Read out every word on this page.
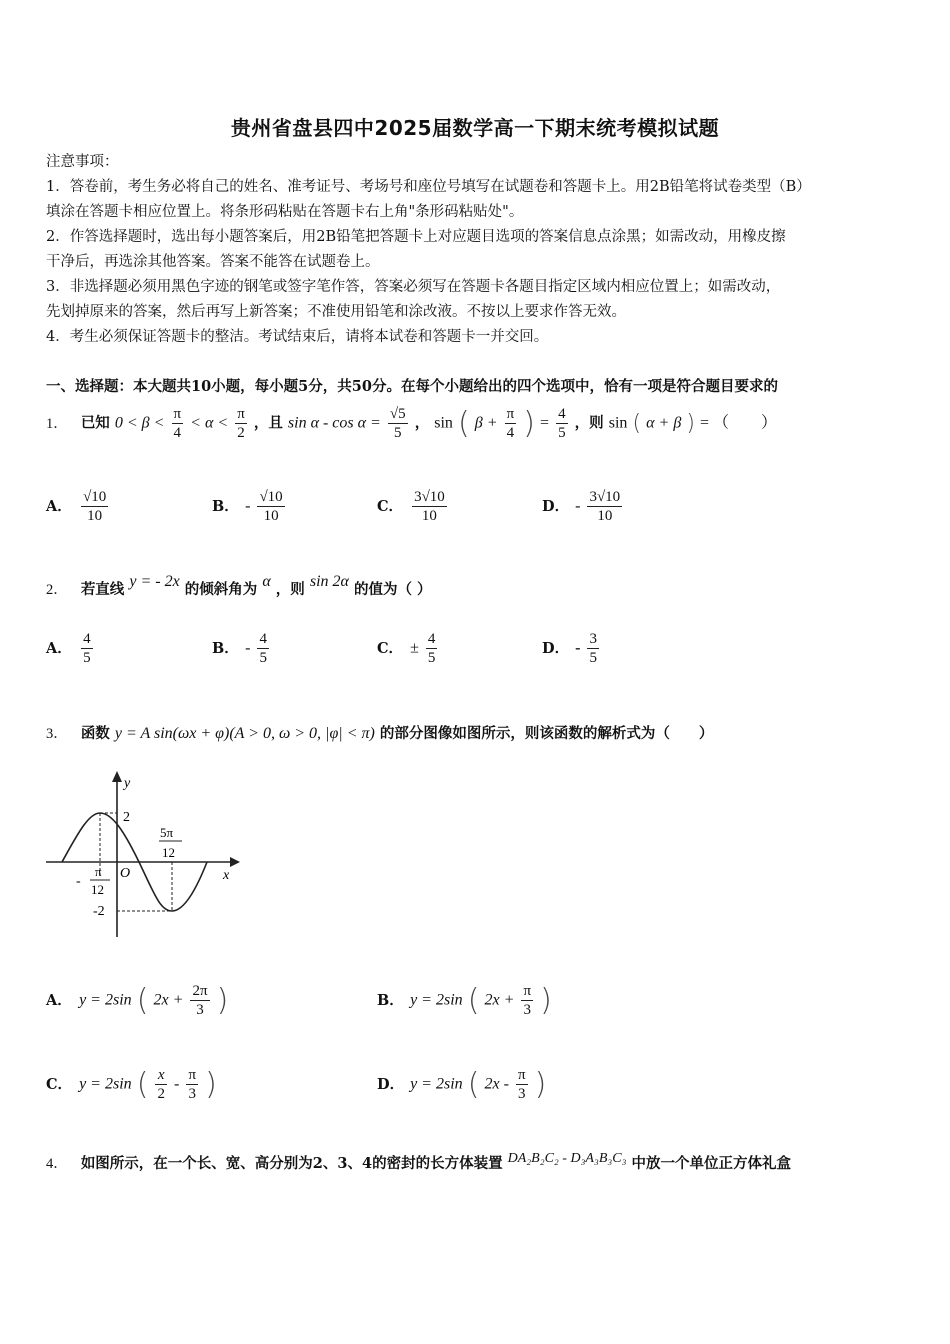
贵州省盘县四中2025届数学高一下期末统考模拟试题

注意事项：

1．答卷前，考生务必将自己的姓名、准考证号、考场号和座位号填写在试题卷和答题卡上。用2B铅笔将试卷类型（B）

填涂在答题卡相应位置上。将条形码粘贴在答题卡右上角"条形码粘贴处"。

2．作答选择题时，选出每小题答案后，用2B铅笔把答题卡上对应题目选项的答案信息点涂黑；如需改动，用橡皮擦

干净后，再选涂其他答案。答案不能答在试题卷上。

3．非选择题必须用黑色字迹的钢笔或签字笔作答，答案必须写在答题卡各题目指定区域内相应位置上；如需改动，

先划掉原来的答案，然后再写上新答案；不准使用铅笔和涂改液。不按以上要求作答无效。

4．考生必须保证答题卡的整洁。考试结束后，请将本试卷和答题卡一并交回。

一、选择题：本大题共10小题，每小题5分，共50分。在每个小题给出的四个选项中，恰有一项是符合题目要求的
1． 已知 $0 < \beta < \frac{\pi}{4} < \alpha < \frac{\pi}{2}$ ，且 $\sin \alpha - \cos \alpha = \frac{√5}{5}$ ， sin ( $\beta + \frac{\pi}{4}$ ) = $\frac{4}{5}$ ，则 sin ( α + β ) = （　　）
A． $\frac{√10}{10}$	B． - $\frac{√10}{10}$	C． $\frac{3√10}{10}$	D． - $\frac{3√10}{10}$
2． 若直线 y = - 2x 的倾斜角为 α ，则 sin 2α 的值为（ ）
A． $\frac{4}{5}$	B． - $\frac{4}{5}$	C． ± $\frac{4}{5}$	D． - $\frac{3}{5}$
3． 函数 y = A sin(ωx + φ)(A > 0, ω > 0, |φ| < π) 的部分图像如图所示，则该函数的解析式为（　　）
y
x
O
2
-2
-
π
12
5π
12
A． y = 2sin ( $2x + \frac{2\pi}{3}$ )	B． y = 2sin ( $2x + \frac{\pi}{3}$ )
C． y = 2sin ( $\frac{x}{2} - \frac{\pi}{3}$ )	D． y = 2sin ( $2x - \frac{\pi}{3}$ )
4． 如图所示，在一个长、宽、高分别为2、3、4的密封的长方体装置 DA₂B₂C₂ - D₃A₃B₃C₃ 中放一个单位正方体礼盒
